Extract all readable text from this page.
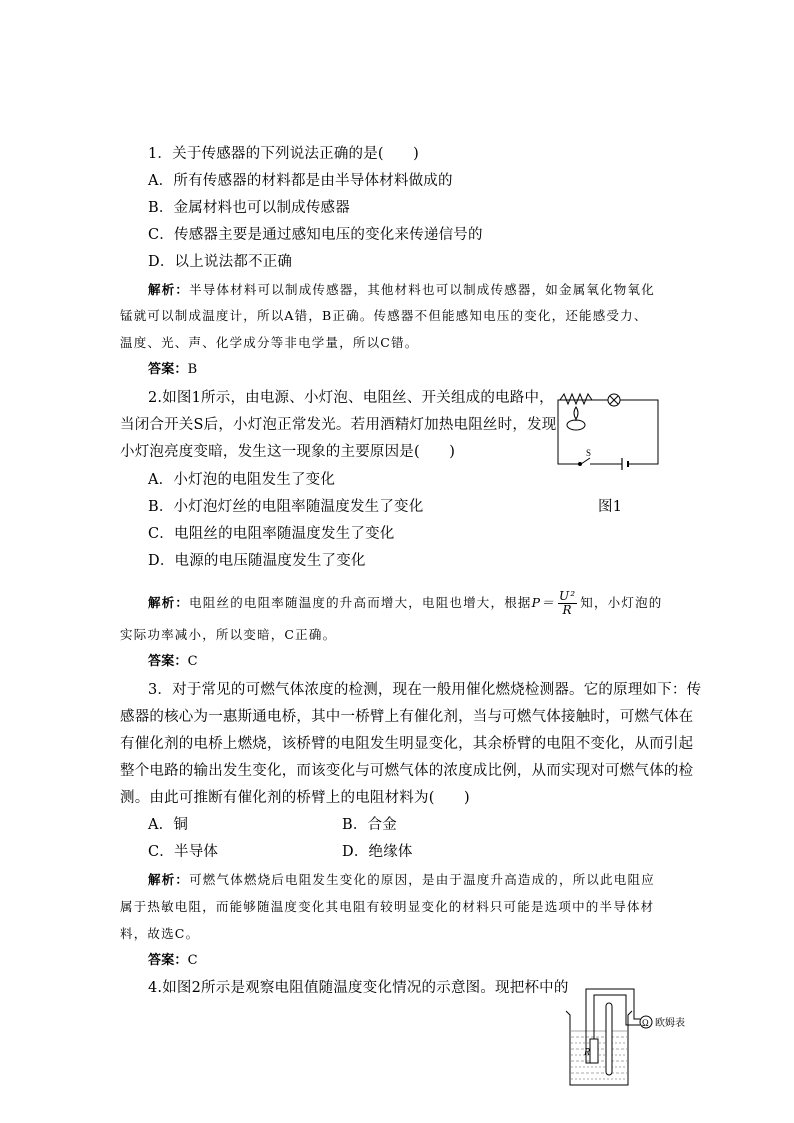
1．关于传感器的下列说法正确的是(　　)
A．所有传感器的材料都是由半导体材料做成的
B．金属材料也可以制成传感器
C．传感器主要是通过感知电压的变化来传递信号的
D．以上说法都不正确
解析：半导体材料可以制成传感器，其他材料也可以制成传感器，如金属氧化物氧化
锰就可以制成温度计，所以A错，B正确。传感器不但能感知电压的变化，还能感受力、
温度、光、声、化学成分等非电学量，所以C错。
答案：B
2.如图1所示，由电源、小灯泡、电阻丝、开关组成的电路中，
当闭合开关S后，小灯泡正常发光。若用酒精灯加热电阻丝时，发现
小灯泡亮度变暗，发生这一现象的主要原因是(　　)
A．小灯泡的电阻发生了变化
B．小灯泡灯丝的电阻率随温度发生了变化
C．电阻丝的电阻率随温度发生了变化
D．电源的电压随温度发生了变化
图1
S
解析：电阻丝的电阻率随温度的升高而增大，电阻也增大，根据$P= \frac{\text{U²}}{R}$ 知，小灯泡的
实际功率减小，所以变暗，C正确。
答案：C
3．对于常见的可燃气体浓度的检测，现在一般用催化燃烧检测器。它的原理如下：传
感器的核心为一惠斯通电桥，其中一桥臂上有催化剂，当与可燃气体接触时，可燃气体在
有催化剂的电桥上燃烧，该桥臂的电阻发生明显变化，其余桥臂的电阻不变化，从而引起
整个电路的输出发生变化，而该变化与可燃气体的浓度成比例，从而实现对可燃气体的检
测。由此可推断有催化剂的桥臂上的电阻材料为(　　)
A．铜	B．合金
C．半导体	D．绝缘体
解析：可燃气体燃烧后电阻发生变化的原因，是由于温度升高造成的，所以此电阻应
属于热敏电阻，而能够随温度变化其电阻有较明显变化的材料只可能是选项中的半导体材
料，故选C。
答案：C
4.如图2所示是观察电阻值随温度变化情况的示意图。现把杯中的
R
Ω 欧姆表
